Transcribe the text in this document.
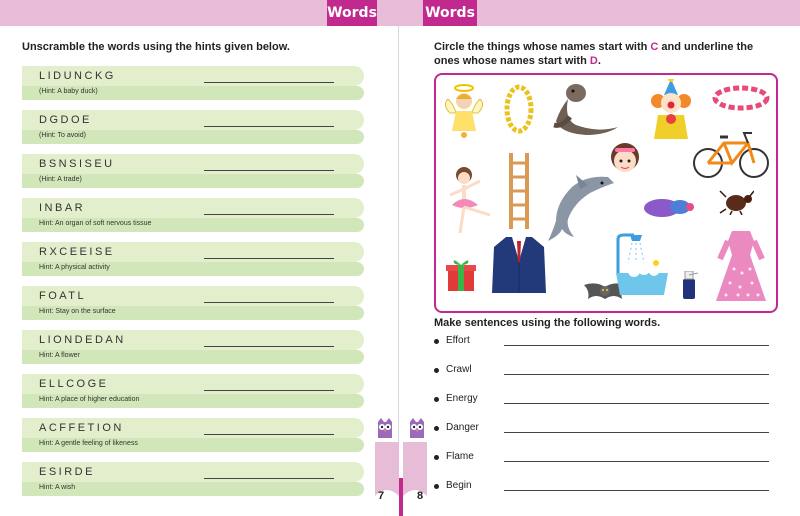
Words	Words
Unscramble the words using the hints given below.
LIDUNCKG
(Hint: A baby duck)
DGDOE
(Hint: To avoid)
BSNSISEU
(Hint: A trade)
INBAR
Hint: An organ of soft nervous tissue
RXCEEISE
Hint: A physical activity
FOATL
Hint: Stay on the surface
LIONDEDAN
Hint: A flower
ELLCOGE
Hint: A place of higher education
ACFFETION
Hint: A gentle feeling of likeness
ESIRDE
Hint: A wish
Circle the things whose names start with C and underline the ones whose names start with D.
Make sentences using the following words.
Effort
Crawl
Energy
Danger
Flame
Begin
7	8
